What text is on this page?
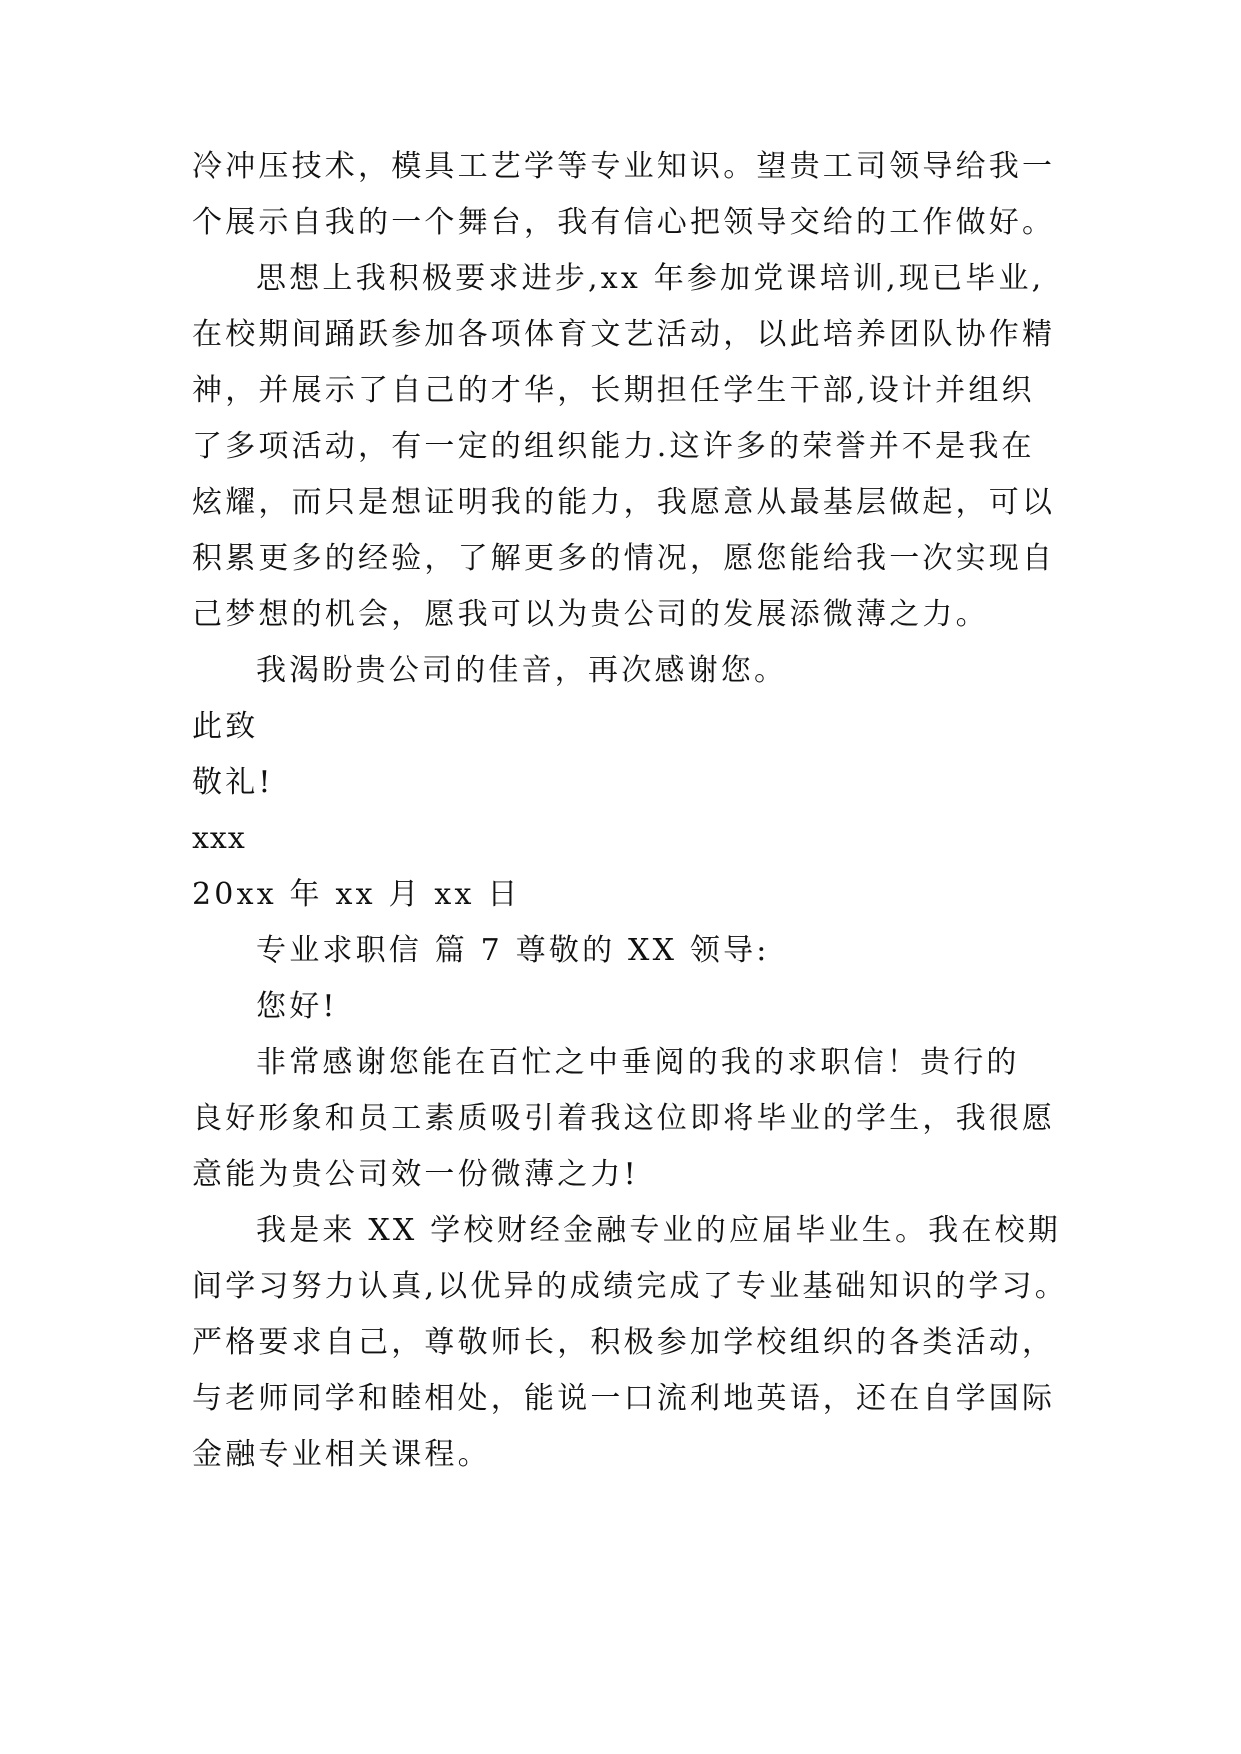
冷冲压技术，模具工艺学等专业知识。望贵工司领导给我一
个展示自我的一个舞台，我有信心把领导交给的工作做好。
思想上我积极要求进步,xx 年参加党课培训,现已毕业,
在校期间踊跃参加各项体育文艺活动，以此培养团队协作精
神，并展示了自己的才华，长期担任学生干部,设计并组织
了多项活动，有一定的组织能力.这许多的荣誉并不是我在
炫耀，而只是想证明我的能力，我愿意从最基层做起，可以
积累更多的经验，了解更多的情况，愿您能给我一次实现自
己梦想的机会，愿我可以为贵公司的发展添微薄之力。
我渴盼贵公司的佳音，再次感谢您。
此致
敬礼!
xxx
20xx 年 xx 月 xx 日
专业求职信 篇 7 尊敬的 XX 领导:
您好!
非常感谢您能在百忙之中垂阅的我的求职信！贵行的
良好形象和员工素质吸引着我这位即将毕业的学生，我很愿
意能为贵公司效一份微薄之力!
我是来 XX 学校财经金融专业的应届毕业生。我在校期
间学习努力认真,以优异的成绩完成了专业基础知识的学习。
严格要求自己，尊敬师长，积极参加学校组织的各类活动，
与老师同学和睦相处，能说一口流利地英语，还在自学国际
金融专业相关课程。
